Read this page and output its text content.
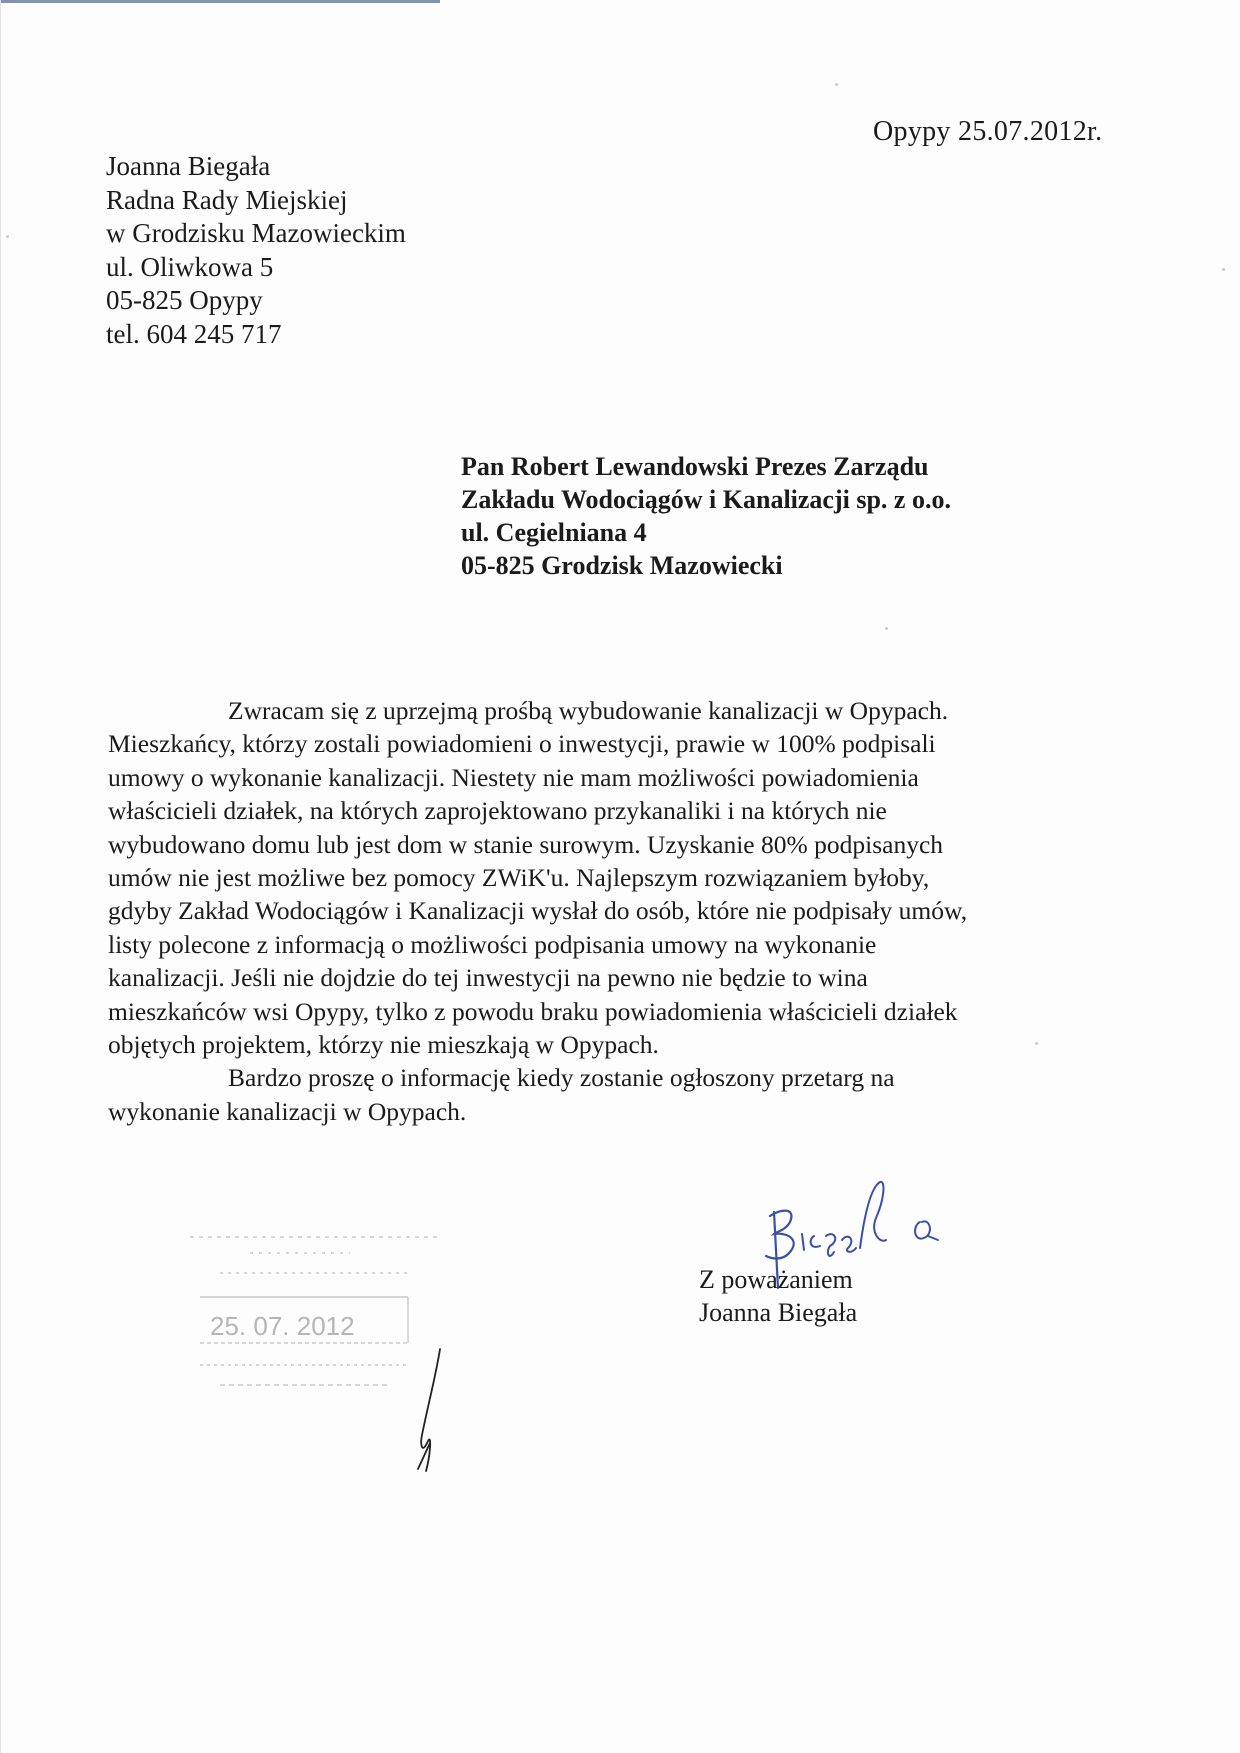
Opypy 25.07.2012r.
Joanna Biegała
Radna Rady Miejskiej
w Grodzisku Mazowieckim
ul. Oliwkowa 5
05-825 Opypy
tel. 604 245 717
Pan Robert Lewandowski Prezes Zarządu
Zakładu Wodociągów i Kanalizacji sp. z o.o.
ul. Cegielniana 4
05-825 Grodzisk Mazowiecki
Zwracam się z uprzejmą prośbą wybudowanie kanalizacji w Opypach.
Mieszkańcy, którzy zostali powiadomieni o inwestycji, prawie w 100% podpisali
umowy o wykonanie kanalizacji. Niestety nie mam możliwości powiadomienia
właścicieli działek, na których zaprojektowano przykanaliki i na których nie
wybudowano domu lub jest dom w stanie surowym. Uzyskanie 80% podpisanych
umów nie jest możliwe bez pomocy ZWiK'u. Najlepszym rozwiązaniem byłoby,
gdyby Zakład Wodociągów i Kanalizacji wysłał do osób, które nie podpisały umów,
listy polecone z informacją o możliwości podpisania umowy na wykonanie
kanalizacji. Jeśli nie dojdzie do tej inwestycji na pewno nie będzie to wina
mieszkańców wsi Opypy, tylko z powodu braku powiadomienia właścicieli działek
objętych projektem, którzy nie mieszkają w Opypach.
Bardzo proszę o informację kiedy zostanie ogłoszony przetarg na
wykonanie kanalizacji w Opypach.
Z poważaniem
Joanna Biegała
25. 07. 2012
